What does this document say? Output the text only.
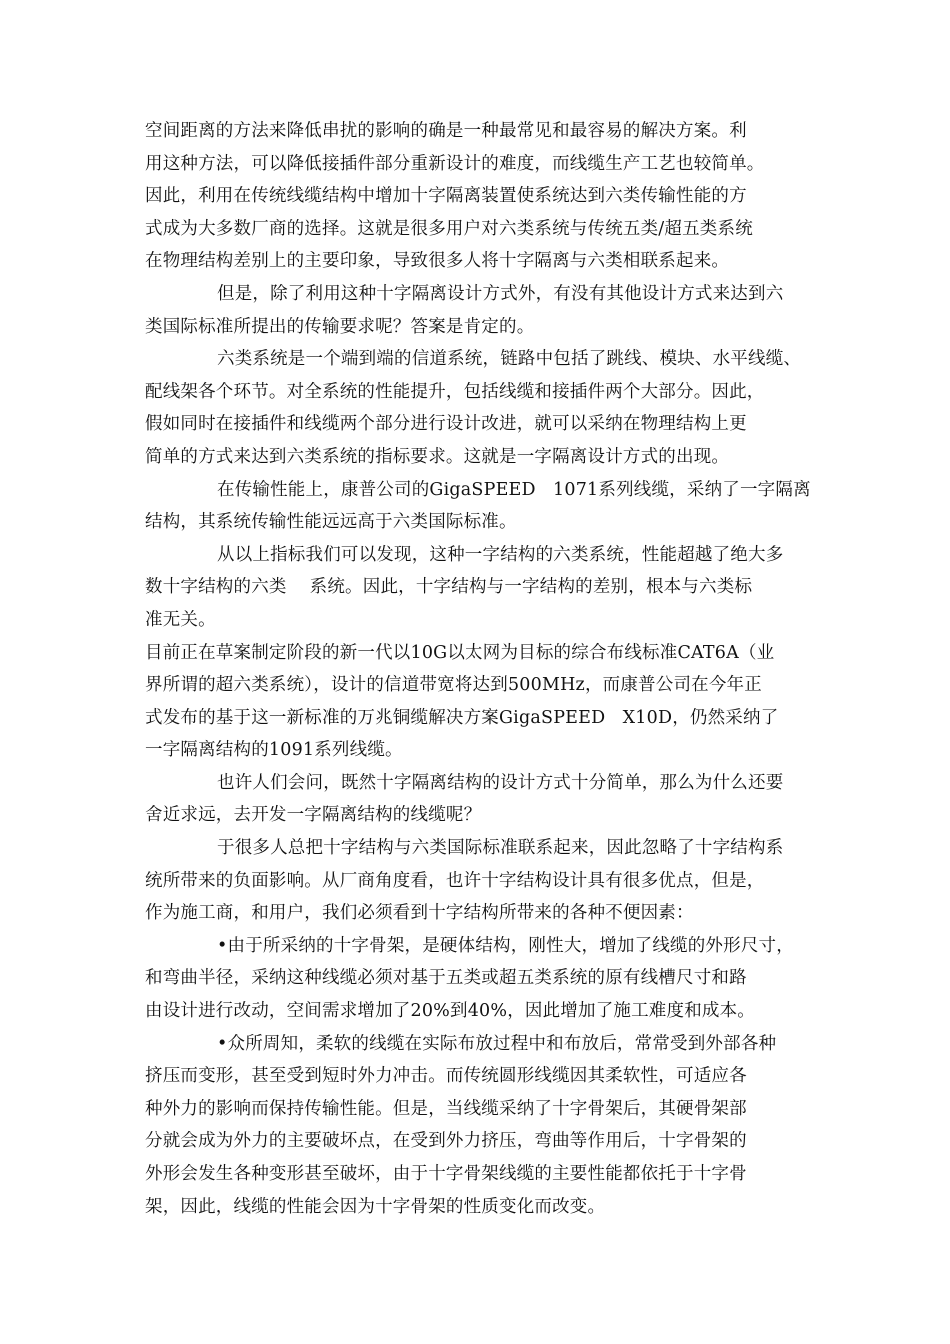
空间距离的方法来降低串扰的影响的确是一种最常见和最容易的解决方案。利
用这种方法，可以降低接插件部分重新设计的难度，而线缆生产工艺也较简单。
因此，利用在传统线缆结构中增加十字隔离装置使系统达到六类传输性能的方
式成为大多数厂商的选择。这就是很多用户对六类系统与传统五类/超五类系统
在物理结构差别上的主要印象，导致很多人将十字隔离与六类相联系起来。
但是，除了利用这种十字隔离设计方式外，有没有其他设计方式来达到六
类国际标准所提出的传输要求呢？答案是肯定的。
六类系统是一个端到端的信道系统，链路中包括了跳线、模块、水平线缆、
配线架各个环节。对全系统的性能提升，包括线缆和接插件两个大部分。因此，
假如同时在接插件和线缆两个部分进行设计改进，就可以采纳在物理结构上更
简单的方式来达到六类系统的指标要求。这就是一字隔离设计方式的出现。
在传输性能上，康普公司的GigaSPEED   1071系列线缆，采纳了一字隔离
结构，其系统传输性能远远高于六类国际标准。
从以上指标我们可以发现，这种一字结构的六类系统，性能超越了绝大多
数十字结构的六类    系统。因此，十字结构与一字结构的差别，根本与六类标
准无关。
目前正在草案制定阶段的新一代以10G以太网为目标的综合布线标准CAT6A（业
界所谓的超六类系统），设计的信道带宽将达到500MHz，而康普公司在今年正
式发布的基于这一新标准的万兆铜缆解决方案GigaSPEED   X10D，仍然采纳了
一字隔离结构的1091系列线缆。
也许人们会问，既然十字隔离结构的设计方式十分简单，那么为什么还要
舍近求远，去开发一字隔离结构的线缆呢？
于很多人总把十字结构与六类国际标准联系起来，因此忽略了十字结构系
统所带来的负面影响。从厂商角度看，也许十字结构设计具有很多优点，但是，
作为施工商，和用户，我们必须看到十字结构所带来的各种不便因素：
•由于所采纳的十字骨架，是硬体结构，刚性大，增加了线缆的外形尺寸，
和弯曲半径，采纳这种线缆必须对基于五类或超五类系统的原有线槽尺寸和路
由设计进行改动，空间需求增加了20%到40%，因此增加了施工难度和成本。
•众所周知，柔软的线缆在实际布放过程中和布放后，常常受到外部各种
挤压而变形，甚至受到短时外力冲击。而传统圆形线缆因其柔软性，可适应各
种外力的影响而保持传输性能。但是，当线缆采纳了十字骨架后，其硬骨架部
分就会成为外力的主要破坏点，在受到外力挤压，弯曲等作用后，十字骨架的
外形会发生各种变形甚至破坏，由于十字骨架线缆的主要性能都依托于十字骨
架，因此，线缆的性能会因为十字骨架的性质变化而改变。
